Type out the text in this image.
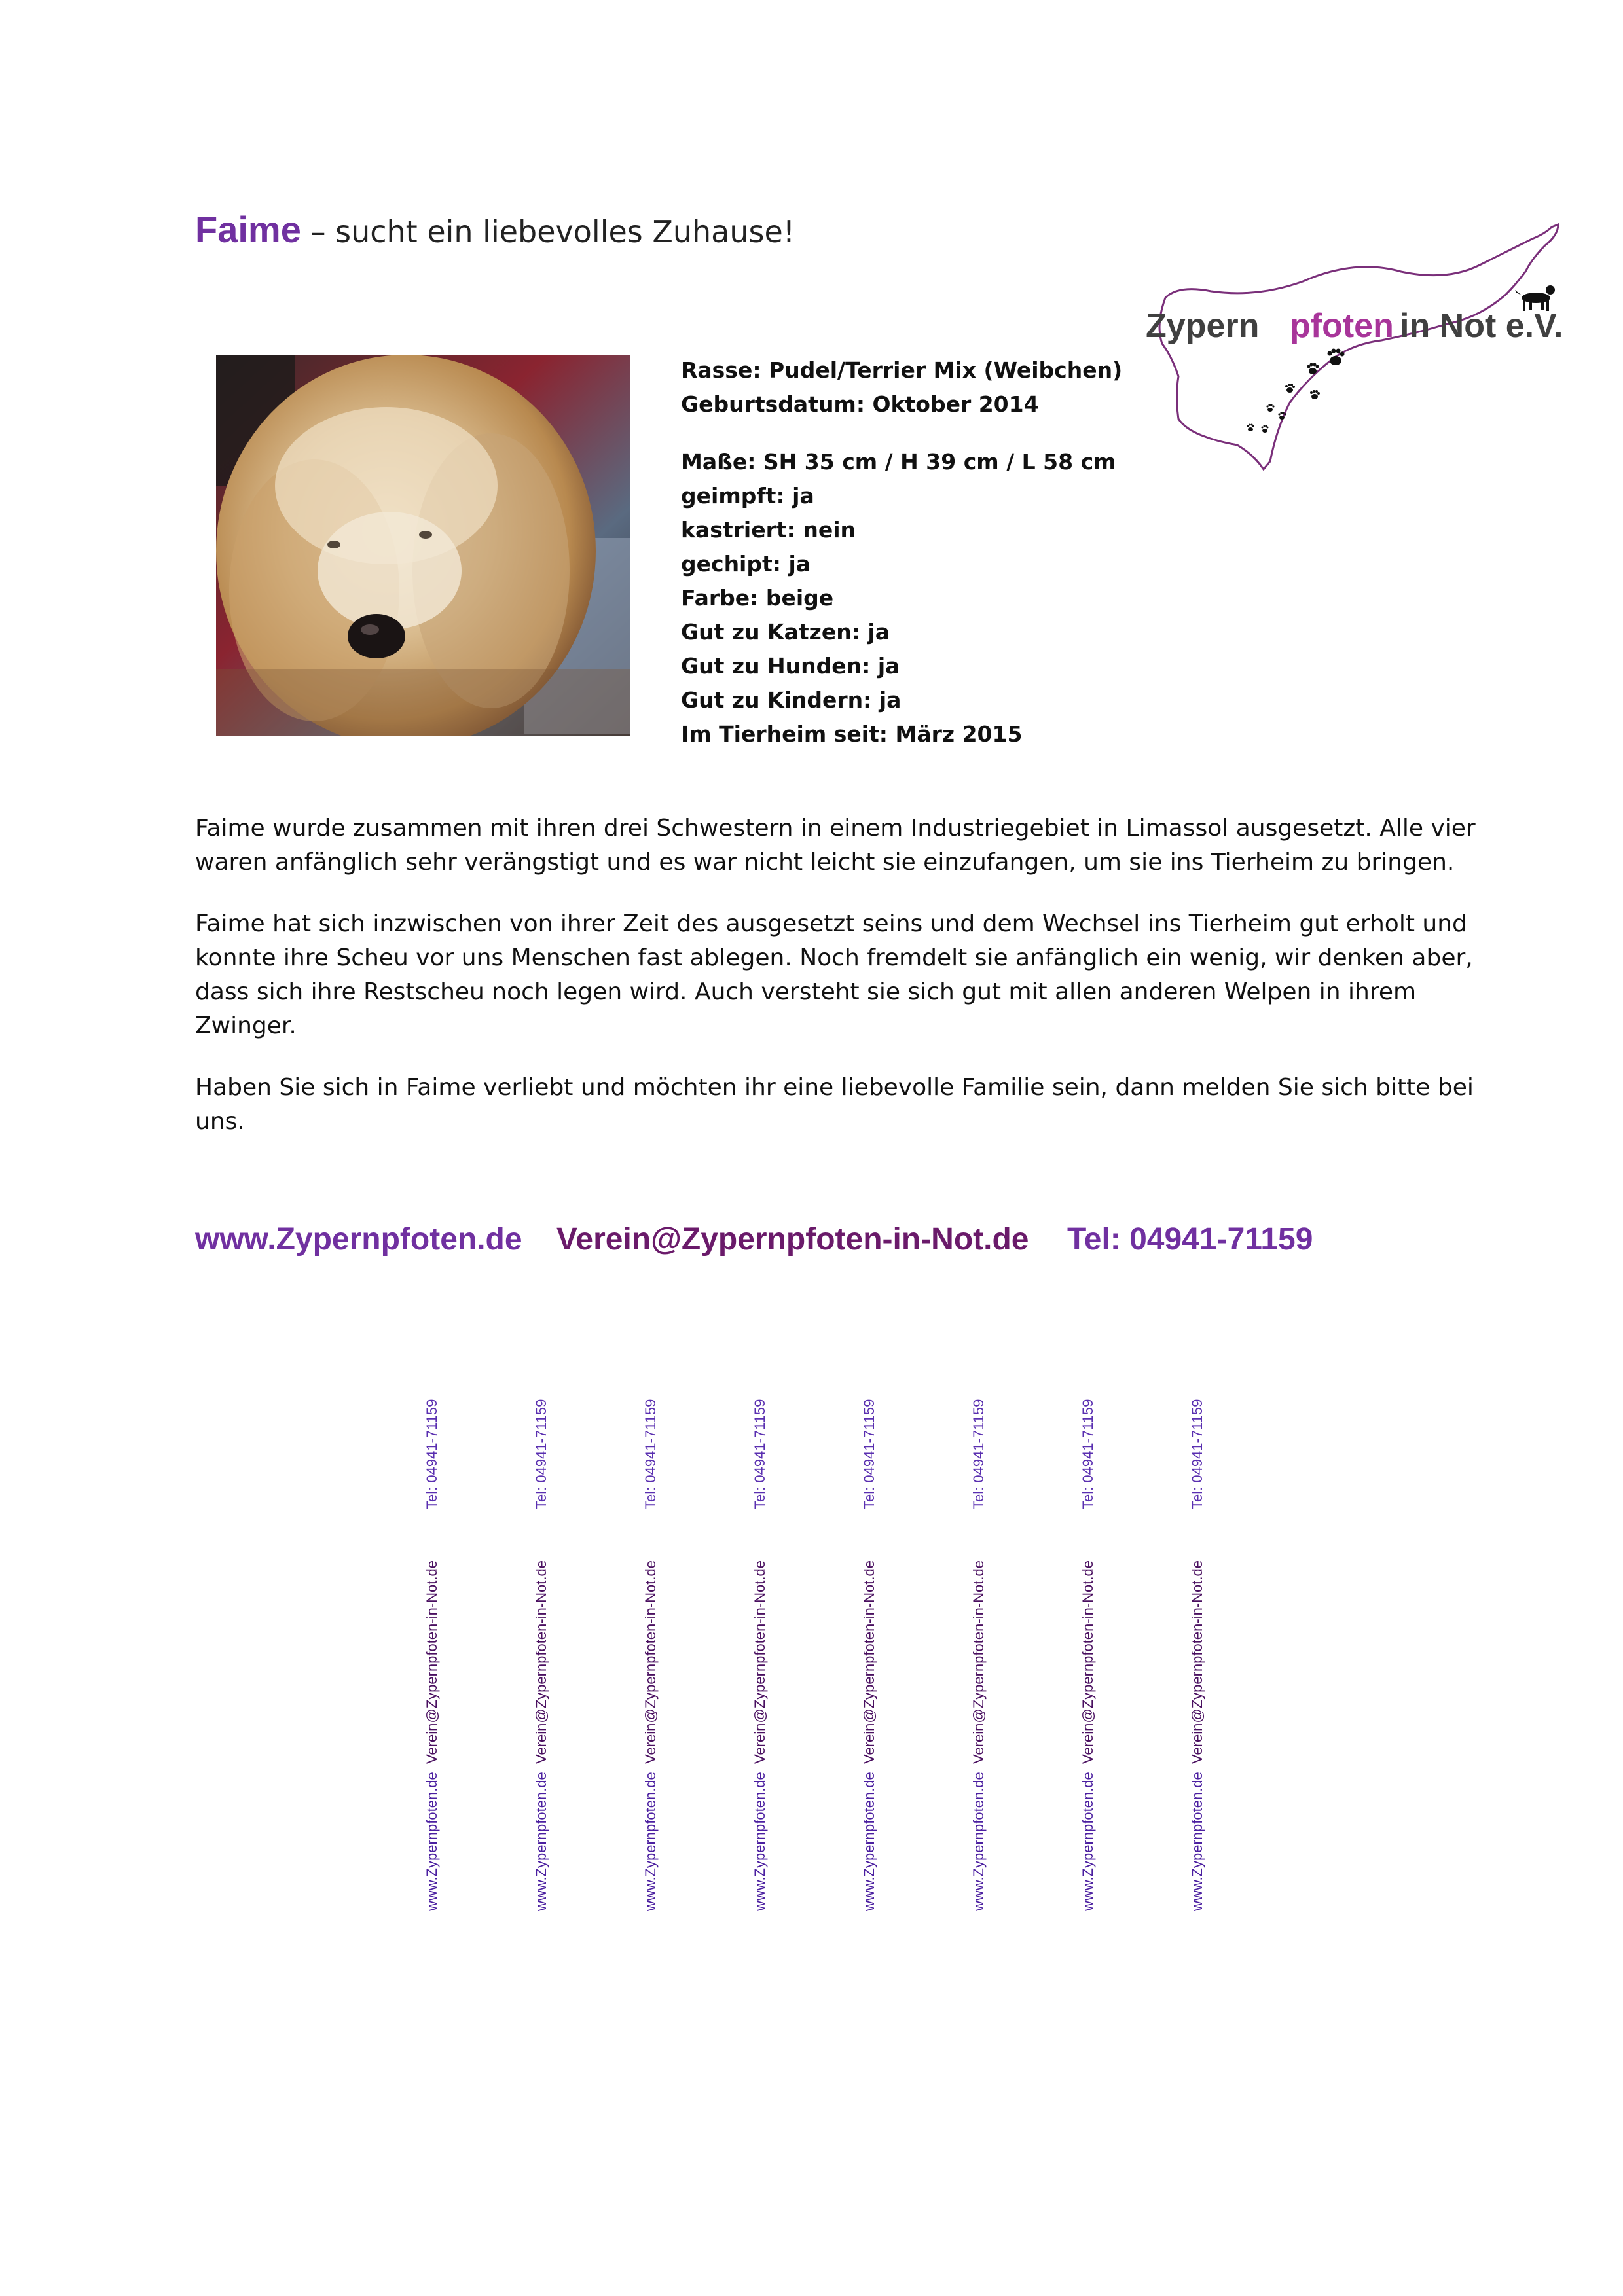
Faime – sucht ein liebevolles Zuhause!
Zypern pfoten in Not e.V.
Rasse: Pudel/Terrier Mix (Weibchen)
Geburtsdatum: Oktober 2014
Maße: SH 35 cm / H 39 cm / L 58 cm
geimpft: ja
kastriert: nein
gechipt: ja
Farbe: beige
Gut zu Katzen: ja
Gut zu Hunden: ja
Gut zu Kindern: ja
Im Tierheim seit: März 2015

Faime wurde zusammen mit ihren drei Schwestern in einem Industriegebiet in Limassol ausgesetzt. Alle vier waren anfänglich sehr verängstigt und es war nicht leicht sie einzufangen, um sie ins Tierheim zu bringen.

Faime hat sich inzwischen von ihrer Zeit des ausgesetzt seins und dem Wechsel ins Tierheim gut erholt und konnte ihre Scheu vor uns Menschen fast ablegen. Noch fremdelt sie anfänglich ein wenig, wir denken aber, dass sich ihre Restscheu noch legen wird. Auch versteht sie sich gut mit allen anderen Welpen in ihrem Zwinger.

Haben Sie sich in Faime verliebt und möchten ihr eine liebevolle Familie sein, dann melden Sie sich bitte bei uns.

www.Zypernpfoten.de Verein@Zypernpfoten-in-Not.de Tel: 04941-71159
www.Zypernpfoten.de
Verein@Zypernpfoten-in-Not.de
Tel: 04941-71159
www.Zypernpfoten.de
Verein@Zypernpfoten-in-Not.de
Tel: 04941-71159
www.Zypernpfoten.de
Verein@Zypernpfoten-in-Not.de
Tel: 04941-71159
www.Zypernpfoten.de
Verein@Zypernpfoten-in-Not.de
Tel: 04941-71159
www.Zypernpfoten.de
Verein@Zypernpfoten-in-Not.de
Tel: 04941-71159
www.Zypernpfoten.de
Verein@Zypernpfoten-in-Not.de
Tel: 04941-71159
www.Zypernpfoten.de
Verein@Zypernpfoten-in-Not.de
Tel: 04941-71159
www.Zypernpfoten.de
Verein@Zypernpfoten-in-Not.de
Tel: 04941-71159
